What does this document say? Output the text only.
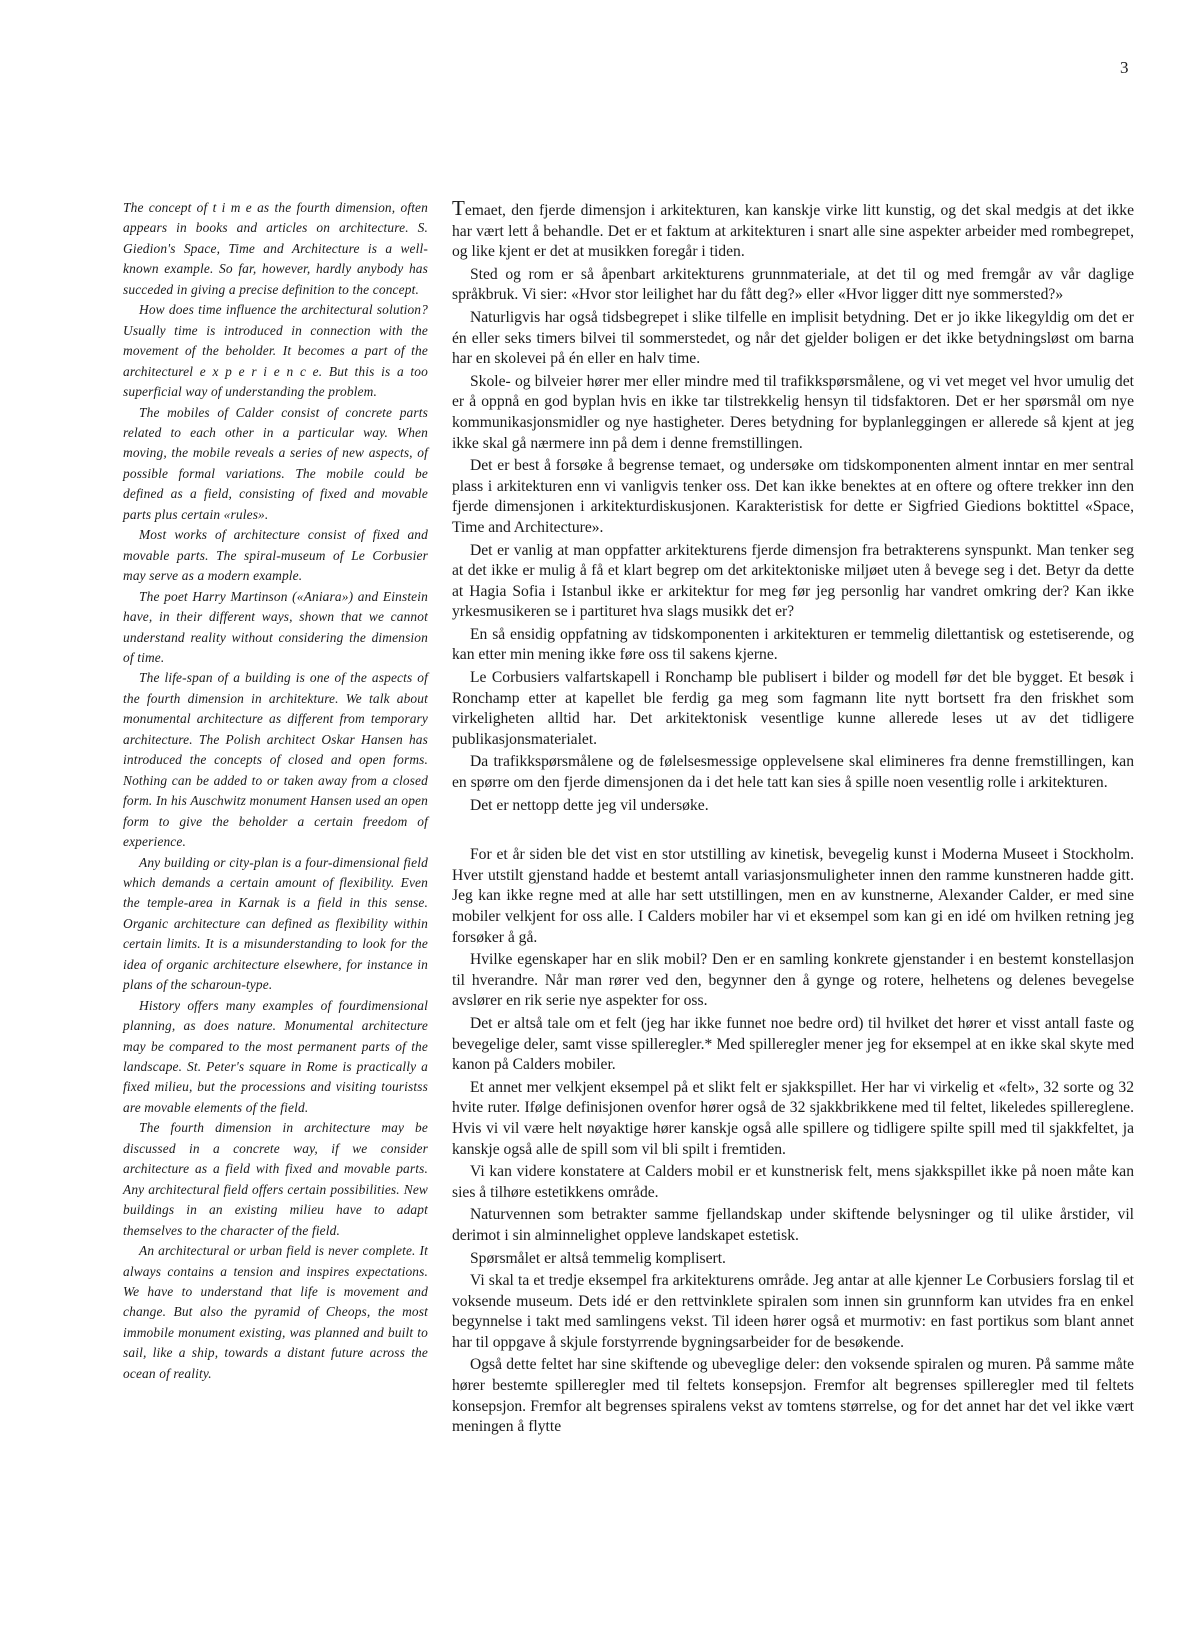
3

The concept of t i m e as the fourth dimension, often appears in books and articles on architecture. S. Giedion's Space, Time and Architecture is a well-known example. So far, however, hardly anybody has succeded in giving a precise definition to the concept.

How does time influence the architectural solution? Usually time is introduced in connection with the movement of the beholder. It becomes a part of the architecturel e x p e r i e n c e. But this is a too superficial way of understanding the problem.

The mobiles of Calder consist of concrete parts related to each other in a particular way. When moving, the mobile reveals a series of new aspects, of possible formal variations. The mobile could be defined as a field, consisting of fixed and movable parts plus certain «rules».

Most works of architecture consist of fixed and movable parts. The spiral-museum of Le Corbusier may serve as a modern example.

The poet Harry Martinson («Aniara») and Einstein have, in their different ways, shown that we cannot understand reality without considering the dimension of time.

The life-span of a building is one of the aspects of the fourth dimension in architekture. We talk about monumental architecture as different from temporary architecture. The Polish architect Oskar Hansen has introduced the concepts of closed and open forms. Nothing can be added to or taken away from a closed form. In his Auschwitz monument Hansen used an open form to give the beholder a certain freedom of experience.

Any building or city-plan is a four-dimensional field which demands a certain amount of flexibility. Even the temple-area in Karnak is a field in this sense. Organic architecture can defined as flexibility within certain limits. It is a misunderstanding to look for the idea of organic architecture elsewhere, for instance in plans of the scharoun-type.

History offers many examples of fourdimensional planning, as does nature. Monumental architecture may be compared to the most permanent parts of the landscape. St. Peter's square in Rome is practically a fixed milieu, but the processions and visiting touristss are movable elements of the field.

The fourth dimension in architecture may be discussed in a concrete way, if we consider architecture as a field with fixed and movable parts. Any architectural field offers certain possibilities. New buildings in an existing milieu have to adapt themselves to the character of the field.

An architectural or urban field is never complete. It always contains a tension and inspires expectations. We have to understand that life is movement and change. But also the pyramid of Cheops, the most immobile monument existing, was planned and built to sail, like a ship, towards a distant future across the ocean of reality.

Temaet, den fjerde dimensjon i arkitekturen, kan kanskje virke litt kunstig, og det skal medgis at det ikke har vært lett å behandle. Det er et faktum at arkitekturen i snart alle sine aspekter arbeider med rombegrepet, og like kjent er det at musikken foregår i tiden.

Sted og rom er så åpenbart arkitekturens grunnmateriale, at det til og med fremgår av vår daglige språkbruk. Vi sier: «Hvor stor leilighet har du fått deg?» eller «Hvor ligger ditt nye sommersted?»

Naturligvis har også tidsbegrepet i slike tilfelle en implisit betydning. Det er jo ikke likegyldig om det er én eller seks timers bilvei til sommerstedet, og når det gjelder boligen er det ikke betydningsløst om barna har en skolevei på én eller en halv time.

Skole- og bilveier hører mer eller mindre med til trafikkspørsmålene, og vi vet meget vel hvor umulig det er å oppnå en god byplan hvis en ikke tar tilstrekkelig hensyn til tidsfaktoren. Det er her spørsmål om nye kommunikasjonsmidler og nye hastigheter. Deres betydning for byplanleggingen er allerede så kjent at jeg ikke skal gå nærmere inn på dem i denne fremstillingen.

Det er best å forsøke å begrense temaet, og undersøke om tidskomponenten alment inntar en mer sentral plass i arkitekturen enn vi vanligvis tenker oss. Det kan ikke benektes at en oftere og oftere trekker inn den fjerde dimensjonen i arkitekturdiskusjonen. Karakteristisk for dette er Sigfried Giedions boktittel «Space, Time and Architecture».

Det er vanlig at man oppfatter arkitekturens fjerde dimensjon fra betrakterens synspunkt. Man tenker seg at det ikke er mulig å få et klart begrep om det arkitektoniske miljøet uten å bevege seg i det. Betyr da dette at Hagia Sofia i Istanbul ikke er arkitektur for meg før jeg personlig har vandret omkring der? Kan ikke yrkesmusikeren se i partituret hva slags musikk det er?

En så ensidig oppfatning av tidskomponenten i arkitekturen er temmelig dilettantisk og estetiserende, og kan etter min mening ikke føre oss til sakens kjerne.

Le Corbusiers valfartskapell i Ronchamp ble publisert i bilder og modell før det ble bygget. Et besøk i Ronchamp etter at kapellet ble ferdig ga meg som fagmann lite nytt bortsett fra den friskhet som virkeligheten alltid har. Det arkitektonisk vesentlige kunne allerede leses ut av det tidligere publikasjonsmaterialet.

Da trafikkspørsmålene og de følelsesmessige opplevelsene skal elimineres fra denne fremstillingen, kan en spørre om den fjerde dimensjonen da i det hele tatt kan sies å spille noen vesentlig rolle i arkitekturen.

Det er nettopp dette jeg vil undersøke.

For et år siden ble det vist en stor utstilling av kinetisk, bevegelig kunst i Moderna Museet i Stockholm. Hver utstilt gjenstand hadde et bestemt antall variasjonsmuligheter innen den ramme kunstneren hadde gitt. Jeg kan ikke regne med at alle har sett utstillingen, men en av kunstnerne, Alexander Calder, er med sine mobiler velkjent for oss alle. I Calders mobiler har vi et eksempel som kan gi en idé om hvilken retning jeg forsøker å gå.

Hvilke egenskaper har en slik mobil? Den er en samling konkrete gjenstander i en bestemt konstellasjon til hverandre. Når man rører ved den, begynner den å gynge og rotere, helhetens og delenes bevegelse avslører en rik serie nye aspekter for oss.

Det er altså tale om et felt (jeg har ikke funnet noe bedre ord) til hvilket det hører et visst antall faste og bevegelige deler, samt visse spilleregler.* Med spilleregler mener jeg for eksempel at en ikke skal skyte med kanon på Calders mobiler.

Et annet mer velkjent eksempel på et slikt felt er sjakkspillet. Her har vi virkelig et «felt», 32 sorte og 32 hvite ruter. Ifølge definisjonen ovenfor hører også de 32 sjakkbrikkene med til feltet, likeledes spillereglene. Hvis vi vil være helt nøyaktige hører kanskje også alle spillere og tidligere spilte spill med til sjakkfeltet, ja kanskje også alle de spill som vil bli spilt i fremtiden.

Vi kan videre konstatere at Calders mobil er et kunstnerisk felt, mens sjakkspillet ikke på noen måte kan sies å tilhøre estetikkens område.

Naturvennen som betrakter samme fjellandskap under skiftende belysninger og til ulike årstider, vil derimot i sin alminnelighet oppleve landskapet estetisk.

Spørsmålet er altså temmelig komplisert.

Vi skal ta et tredje eksempel fra arkitekturens område. Jeg antar at alle kjenner Le Corbusiers forslag til et voksende museum. Dets idé er den rettvinklete spiralen som innen sin grunnform kan utvides fra en enkel begynnelse i takt med samlingens vekst. Til ideen hører også et murmotiv: en fast portikus som blant annet har til oppgave å skjule forstyrrende bygningsarbeider for de besøkende.

Også dette feltet har sine skiftende og ubeveglige deler: den voksende spiralen og muren. På samme måte hører bestemte spilleregler med til feltets konsepsjon. Fremfor alt begrenses spilleregler med til feltets konsepsjon. Fremfor alt begrenses spiralens vekst av tomtens størrelse, og for det annet har det vel ikke vært meningen å flytte
